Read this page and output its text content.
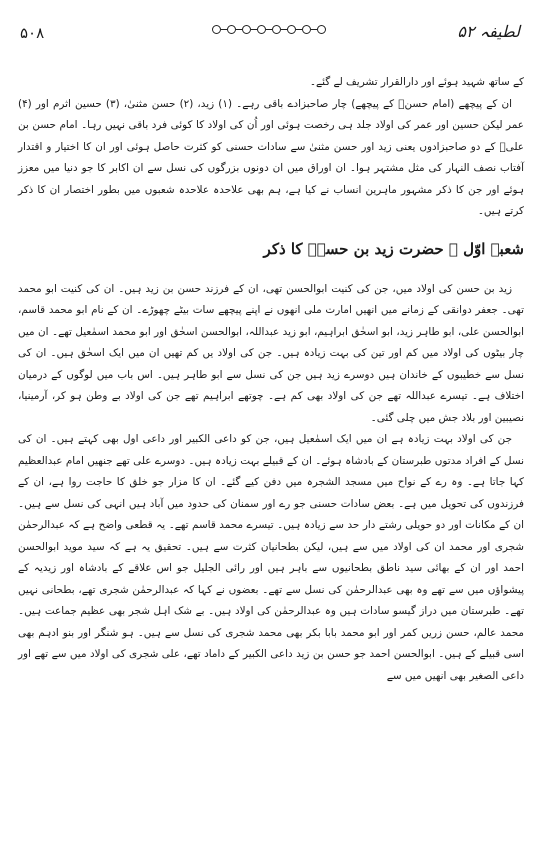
۵۰۸	لطیفہ ۵۲

کے ساتھ شہید ہوئے اور دارالقرار تشریف لے گئے۔

ان کے پیچھے (امام حسنؑ کے پیچھے) چار صاحبزادے باقی رہے۔ (۱) زید، (۲) حسن مثنیٰ، (۳) حسین اثرم اور (۴) عمر لیکن حسین اور عمر کی اولاد جلد ہی رخصت ہوئی اور اُن کی اولاد کا کوئی فرد باقی نہیں رہا۔ امام حسن بن علیؑ کے دو صاحبزادوں یعنی زید اور حسن مثنیٰ سے سادات حسنی کو کثرت حاصل ہوئی اور ان کا اختیار و اقتدار آفتاب نصف النہار کی مثل مشتہر ہوا۔ ان اوراق میں ان دونوں بزرگوں کی نسل سے ان اکابر کا جو دنیا میں معزز ہوئے اور جن کا ذکر مشہور ماہرین انساب نے کیا ہے، ہم بھی علاحدہ علاحدہ شعبوں میں بطور اختصار ان کا ذکر کرتے ہیں۔

شعبۂ اوّل ۔ حضرت زید بن حسنؑ کا ذکر

زید بن حسن کی اولاد میں، جن کی کنیت ابوالحسن تھی، ان کے فرزند حسن بن زید ہیں۔ ان کی کنیت ابو محمد تھی۔ جعفر دوانقی کے زمانے میں انھیں امارت ملی انھوں نے اپنے پیچھے سات بیٹے چھوڑے۔ ان کے نام ابو محمد قاسم، ابوالحسن علی، ابو طاہر زید، ابو اسحٰق ابراہیم، ابو زید عبداللہ، ابوالحسن اسحٰق اور ابو محمد اسمٰعیل تھے۔ ان میں چار بیٹوں کی اولاد میں کم اور تین کی بہت زیادہ ہیں۔ جن کی اولاد یں کم تھیں ان میں ایک اسحٰق ہیں۔ ان کی نسل سے خطیبوں کے خاندان ہیں دوسرے زید ہیں جن کی نسل سے ابو طاہر ہیں۔ اس باب میں لوگوں کے درمیان اختلاف ہے۔ تیسرے عبداللہ تھے جن کی اولاد بھی کم ہے۔ چوتھے ابراہیم تھے جن کی اولاد بے وطن ہو کر، آرمینیا، نصیبین اور بلاد جش میں چلی گئی۔

جن کی اولاد بہت زیادہ ہے ان میں ایک اسمٰعیل ہیں، جن کو داعی الکبیر اور داعی اول بھی کہتے ہیں۔ ان کی نسل کے افراد مدتوں طبرستان کے بادشاہ ہوئے۔ ان کے قبیلے بہت زیادہ ہیں۔ دوسرے علی تھے جنھیں امام عبدالعظیم کہا جاتا ہے۔ وہ رے کے نواح میں مسجد الشجرہ میں دفن کیے گئے۔ ان کا مزار جو خلق کا حاجت روا ہے، ان کے فرزندوں کی تحویل میں ہے۔ بعض سادات حسنی جو رے اور سمنان کی حدود میں آباد ہیں انہی کی نسل سے ہیں۔ ان کے مکانات اور دو حویلی رشتے دار حد سے زیادہ ہیں۔ تیسرے محمد قاسم تھے۔ یہ قطعی واضح ہے کہ عبدالرحمٰن شجری اور محمد ان کی اولاد میں سے ہیں، لیکن بطحانیان کثرت سے ہیں۔ تحقیق یہ ہے کہ سید موید ابوالحسن احمد اور ان کے بھائی سید ناطق بطحانیوں سے باہر ہیں اور رائی الجلیل جو اس علاقے کے بادشاہ اور زیدیہ کے پیشواؤں میں سے تھے وہ بھی عبدالرحمٰن کی نسل سے تھے۔ بعضوں نے کہا کہ عبدالرحمٰن شجری تھے، بطحانی نہیں تھے۔ طبرستان میں دراز گیسو سادات ہیں وہ عبدالرحمٰن کی اولاد ہیں۔ بے شک اہل شجر بھی عظیم جماعت ہیں۔ محمد عالم، حسن زریں کمر اور ابو محمد بابا بکر بھی محمد شجری کی نسل سے ہیں۔ ہو شنگر اور بنو ادہم بھی اسی قبیلے کے ہیں۔ ابوالحسن احمد جو حسن بن زید داعی الکبیر کے داماد تھے، علی شجری کی اولاد میں سے تھے اور داعی الصغیر بھی انھیں میں سے
